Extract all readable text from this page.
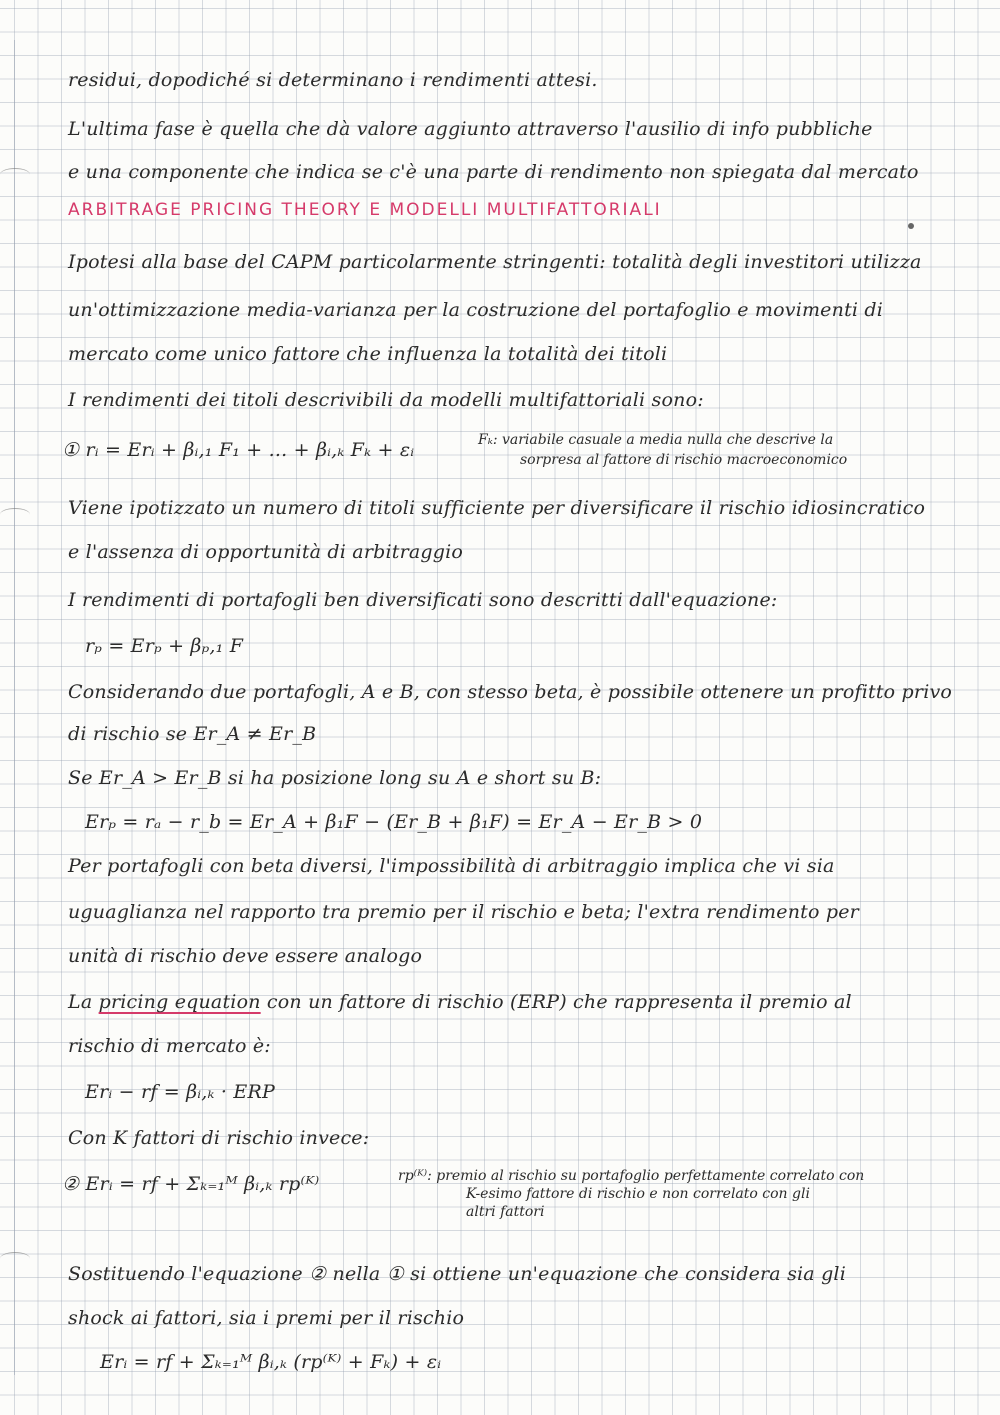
residui, dopodiché si determinano i rendimenti attesi.
L'ultima fase è quella che dà valore aggiunto attraverso l'ausilio di info pubbliche
e una componente che indica se c'è una parte di rendimento non spiegata dal mercato
ARBITRAGE PRICING THEORY E MODELLI MULTIFATTORIALI
Ipotesi alla base del CAPM particolarmente stringenti: totalità degli investitori utilizza
un'ottimizzazione media-varianza per la costruzione del portafoglio e movimenti di
mercato come unico fattore che influenza la totalità dei titoli
I rendimenti dei titoli descrivibili da modelli multifattoriali sono:
① rᵢ = Erᵢ + βᵢ,₁ F₁ + ... + βᵢ,ₖ Fₖ + εᵢ	Fₖ: variabile casuale a media nulla che descrive la
sorpresa al fattore di rischio macroeconomico
Viene ipotizzato un numero di titoli sufficiente per diversificare il rischio idiosincratico
e l'assenza di opportunità di arbitraggio
I rendimenti di portafogli ben diversificati sono descritti dall'equazione:
rₚ = Erₚ + βₚ,₁ F
Considerando due portafogli, A e B, con stesso beta, è possibile ottenere un profitto privo
di rischio se Er_A ≠ Er_B
Se Er_A > Er_B si ha posizione long su A e short su B:
Erₚ = rₐ − r_b = Er_A + β₁F − (Er_B + β₁F) = Er_A − Er_B > 0
Per portafogli con beta diversi, l'impossibilità di arbitraggio implica che vi sia
uguaglianza nel rapporto tra premio per il rischio e beta; l'extra rendimento per
unità di rischio deve essere analogo
La pricing equation con un fattore di rischio (ERP) che rappresenta il premio al
rischio di mercato è:
Erᵢ − rf = βᵢ,ₖ · ERP
Con K fattori di rischio invece:
② Erᵢ = rf + Σₖ₌₁ᴹ βᵢ,ₖ rp⁽ᴷ⁾	rp⁽ᴷ⁾: premio al rischio su portafoglio perfettamente correlato con
K-esimo fattore di rischio e non correlato con gli
altri fattori
Sostituendo l'equazione ② nella ① si ottiene un'equazione che considera sia gli
shock ai fattori, sia i premi per il rischio
Erᵢ = rf + Σₖ₌₁ᴹ βᵢ,ₖ (rp⁽ᴷ⁾ + Fₖ) + εᵢ
